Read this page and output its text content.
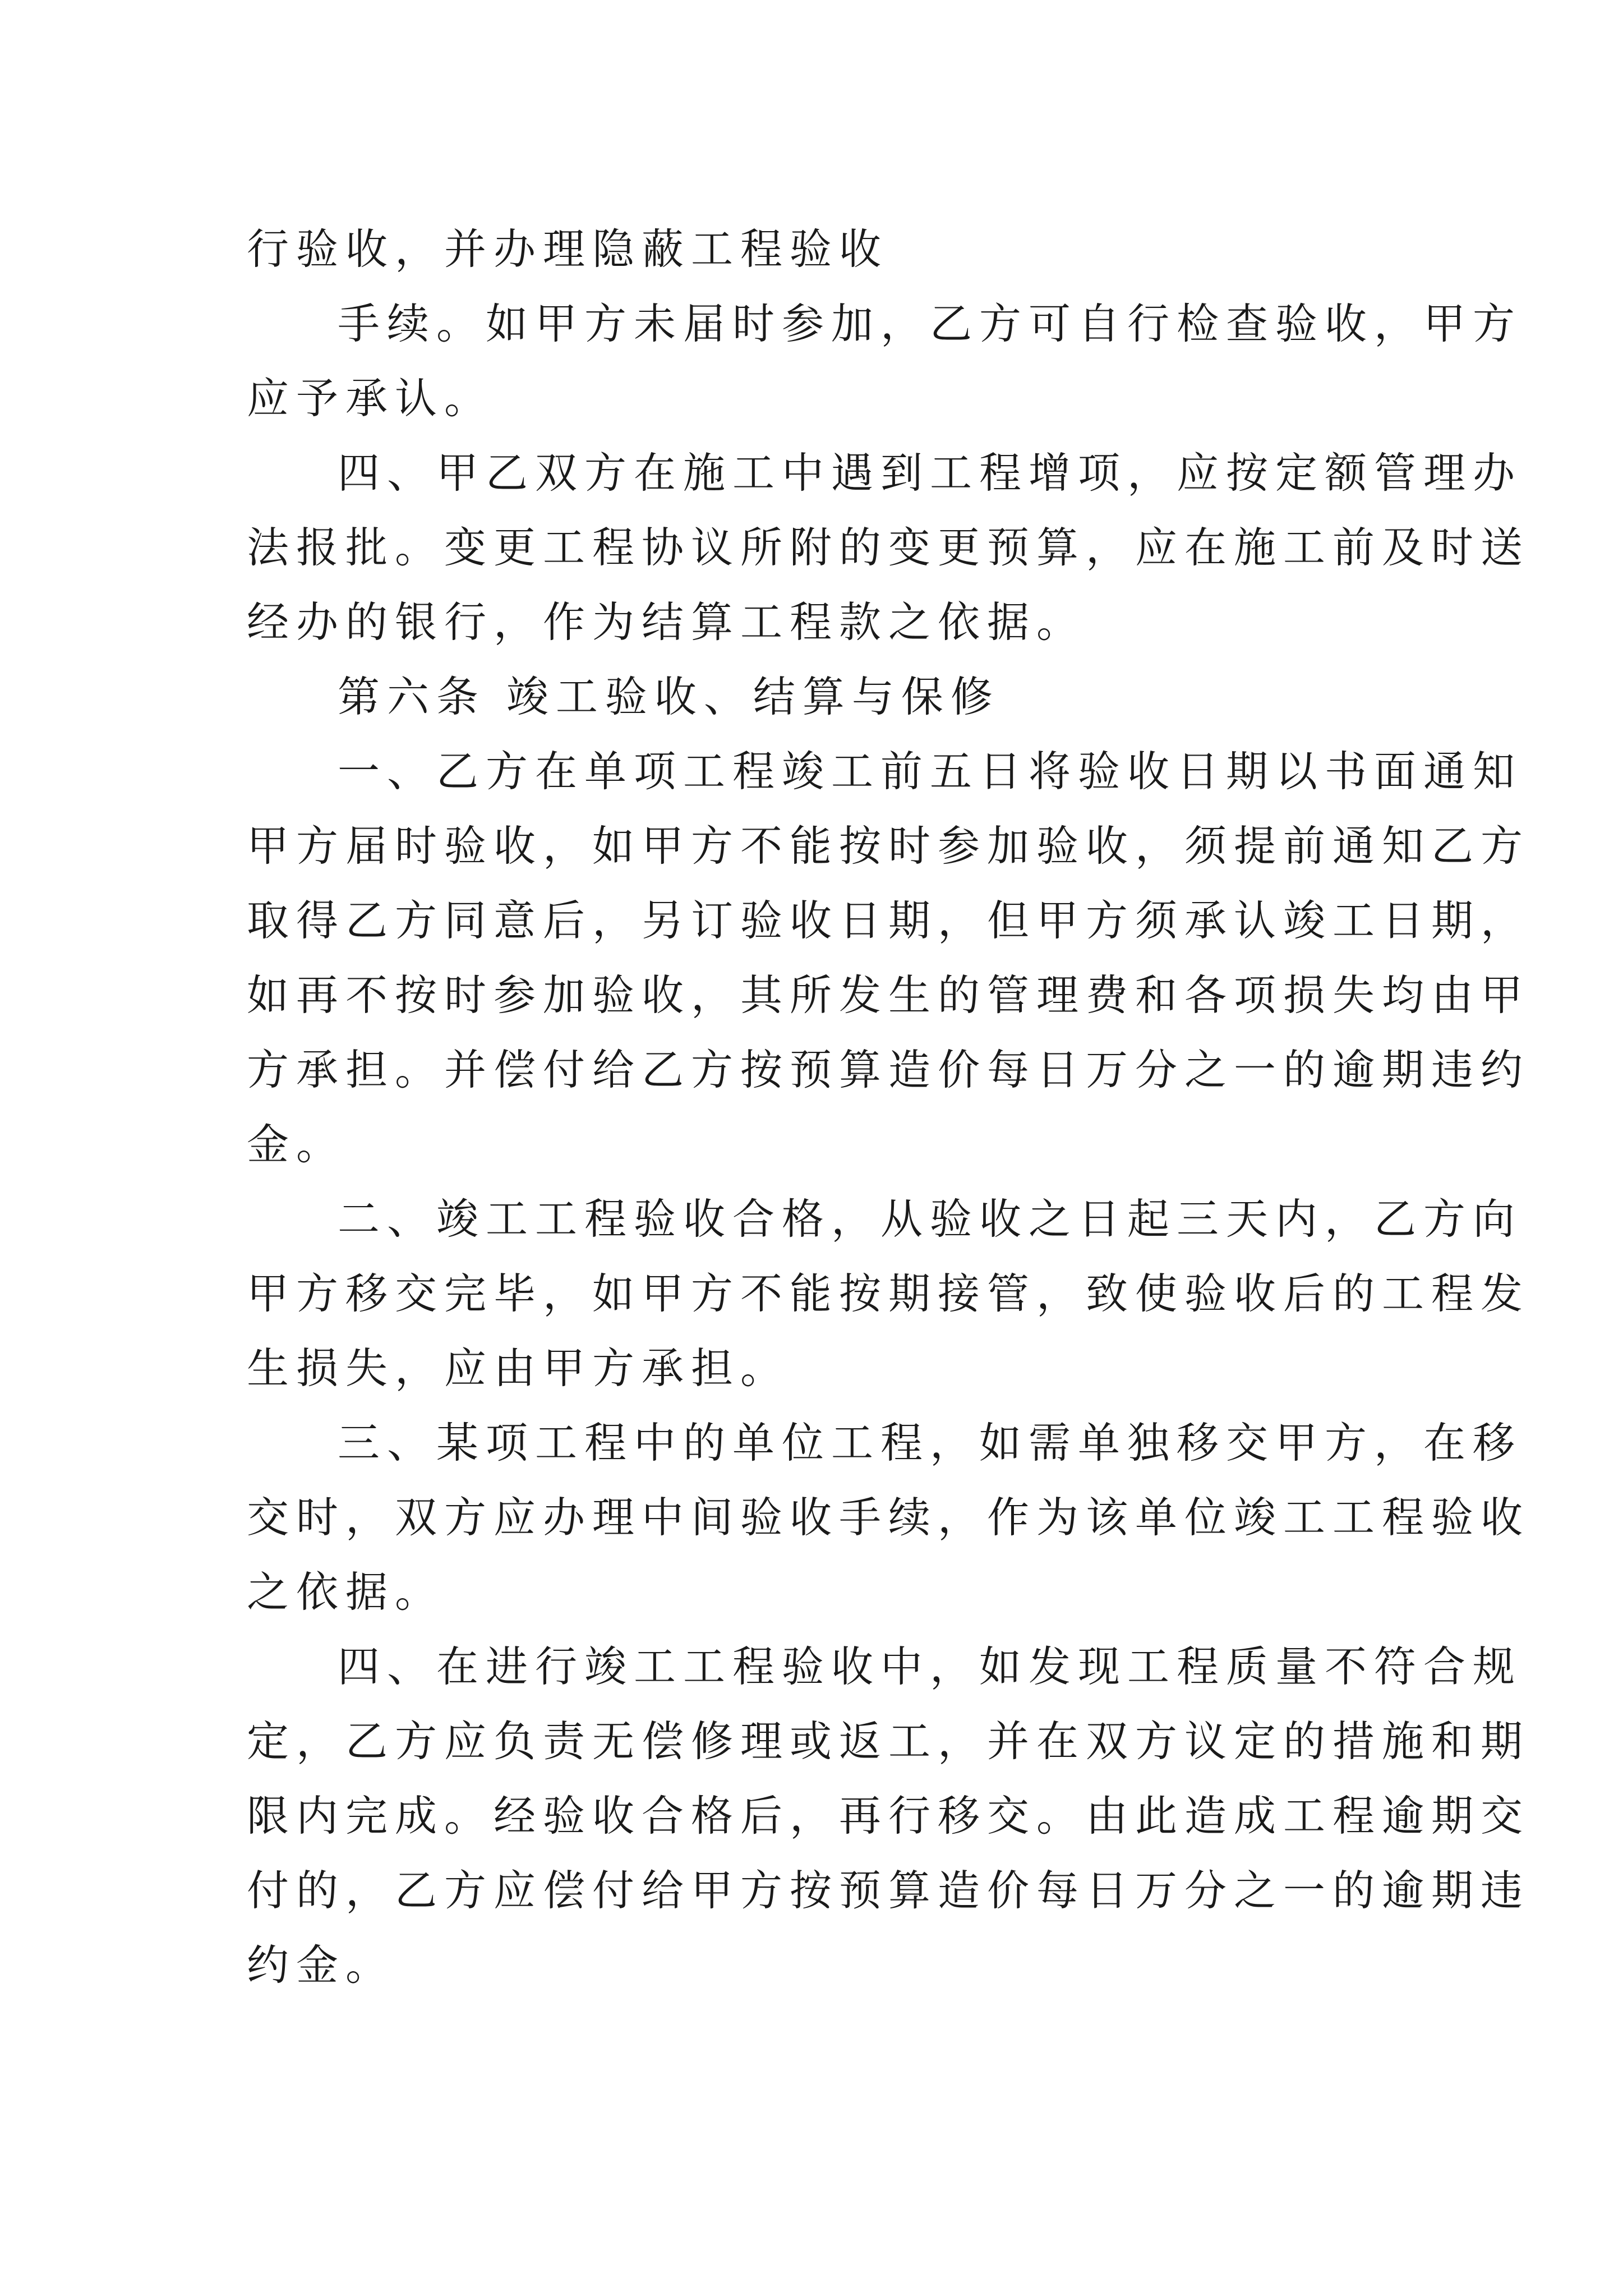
行验收，并办理隐蔽工程验收
手续。如甲方未届时参加，乙方可自行检查验收，甲方
应予承认。
四、甲乙双方在施工中遇到工程增项，应按定额管理办
法报批。变更工程协议所附的变更预算，应在施工前及时送
经办的银行，作为结算工程款之依据。
第六条 竣工验收、结算与保修
一、乙方在单项工程竣工前五日将验收日期以书面通知
甲方届时验收，如甲方不能按时参加验收，须提前通知乙方
取得乙方同意后，另订验收日期，但甲方须承认竣工日期，
如再不按时参加验收，其所发生的管理费和各项损失均由甲
方承担。并偿付给乙方按预算造价每日万分之一的逾期违约
金。
二、竣工工程验收合格，从验收之日起三天内，乙方向
甲方移交完毕，如甲方不能按期接管，致使验收后的工程发
生损失，应由甲方承担。
三、某项工程中的单位工程，如需单独移交甲方，在移
交时，双方应办理中间验收手续，作为该单位竣工工程验收
之依据。
四、在进行竣工工程验收中，如发现工程质量不符合规
定，乙方应负责无偿修理或返工，并在双方议定的措施和期
限内完成。经验收合格后，再行移交。由此造成工程逾期交
付的，乙方应偿付给甲方按预算造价每日万分之一的逾期违
约金。
